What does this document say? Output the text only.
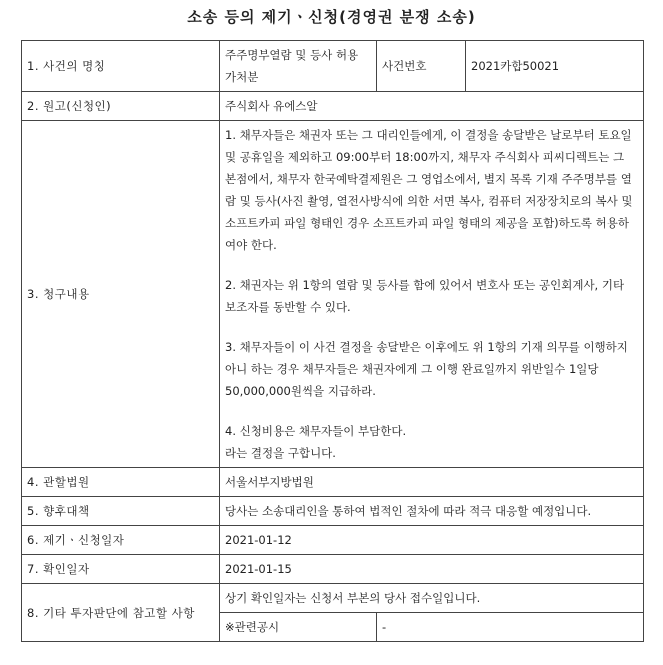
소송 등의 제기ㆍ신청(경영권 분쟁 소송)
1. 사건의 명칭	주주명부열람 및 등사 허용 가처분	사건번호	2021카합50021
2. 원고(신청인)	주식회사 유에스알		
3. 청구내용	1. 채무자들은 채권자 또는 그 대리인들에게, 이 결정을 송달받은 날로부터 토요일 및 공휴일을 제외하고 09:00부터 18:00까지, 채무자 주식회사 피씨디렉트는 그 본점에서, 채무자 한국예탁결제원은 그 영업소에서, 별지 목록 기재 주주명부를 열람 및 등사(사진 촬영, 열전사방식에 의한 서면 복사, 컴퓨터 저장장치로의 복사 및 소프트카피 파일 형태인 경우 소프트카피 파일 형태의 제공을 포함)하도록 허용하여야 한다.
2. 채권자는 위 1항의 열람 및 등사를 함에 있어서 변호사 또는 공인회계사, 기타 보조자를 동반할 수 있다.
3. 채무자들이 이 사건 결정을 송달받은 이후에도 위 1항의 기재 의무를 이행하지 아니 하는 경우 채무자들은 채권자에게 그 이행 완료일까지 위반일수 1일당 50,000,000원씩을 지급하라.
4. 신청비용은 채무자들이 부담한다.
라는 결정을 구합니다.		

4. 관할법원	서울서부지방법원		
5. 향후대책	당사는 소송대리인을 통하여 법적인 절차에 따라 적극 대응할 예정입니다.		
6. 제기ㆍ신청일자	2021-01-12		
7. 확인일자	2021-01-15		
8. 기타 투자판단에 참고할 사항	상기 확인일자는 신청서 부본의 당사 접수일입니다.		
	※관련공시	-	
